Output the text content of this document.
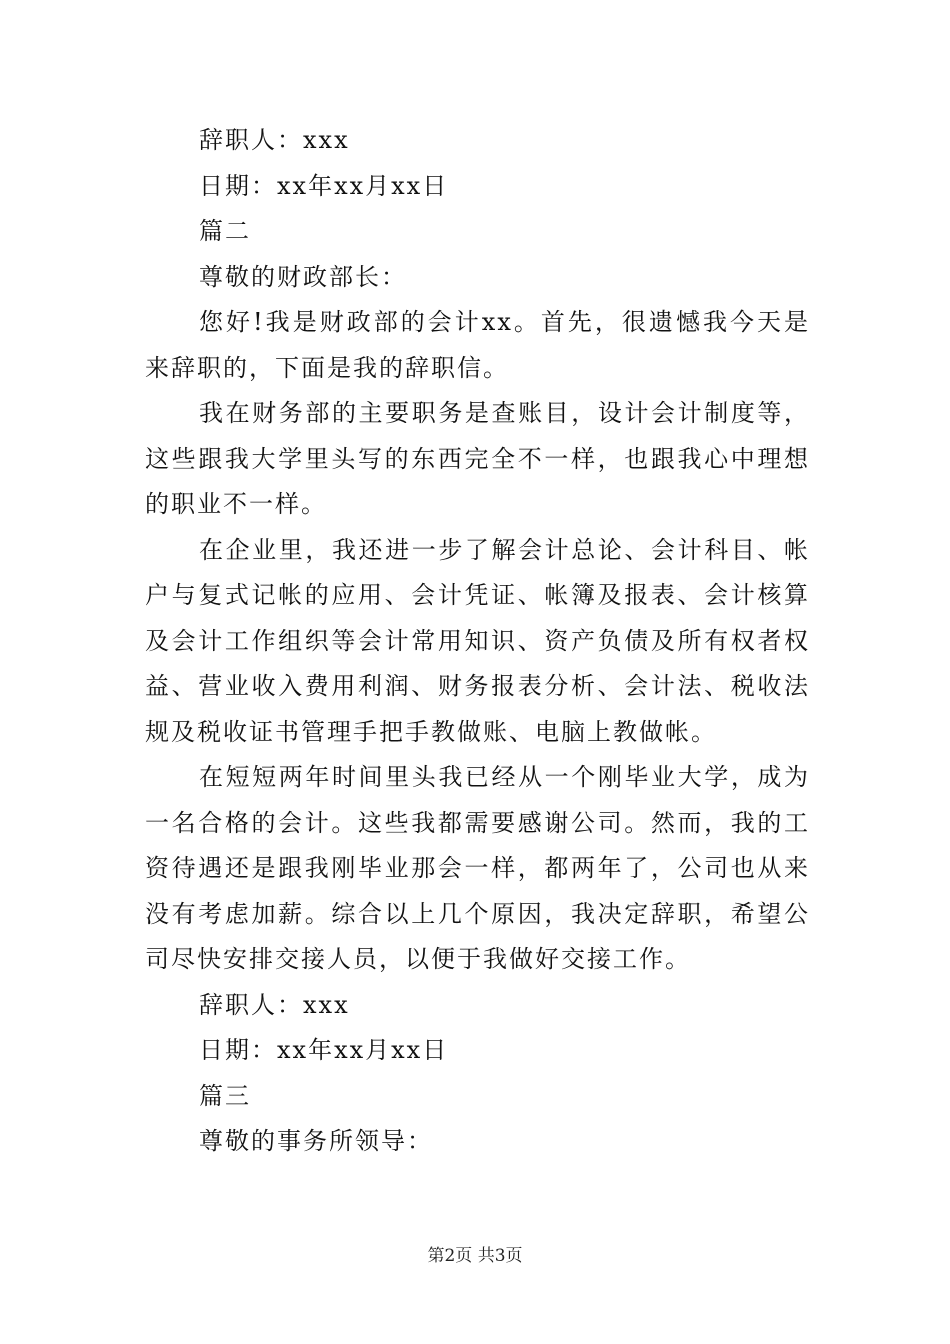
辞职人：xxx

日期：xx年xx月xx日

篇二

尊敬的财政部长：

您好!我是财政部的会计xx。首先，很遗憾我今天是来辞职的，下面是我的辞职信。

我在财务部的主要职务是查账目，设计会计制度等，这些跟我大学里头写的东西完全不一样，也跟我心中理想的职业不一样。

在企业里，我还进一步了解会计总论、会计科目、帐户与复式记帐的应用、会计凭证、帐簿及报表、会计核算及会计工作组织等会计常用知识、资产负债及所有权者权益、营业收入费用利润、财务报表分析、会计法、税收法规及税收证书管理手把手教做账、电脑上教做帐。

在短短两年时间里头我已经从一个刚毕业大学，成为一名合格的会计。这些我都需要感谢公司。然而，我的工资待遇还是跟我刚毕业那会一样，都两年了，公司也从来没有考虑加薪。综合以上几个原因，我决定辞职，希望公司尽快安排交接人员，以便于我做好交接工作。

辞职人：xxx

日期：xx年xx月xx日

篇三

尊敬的事务所领导：

第2页 共3页
